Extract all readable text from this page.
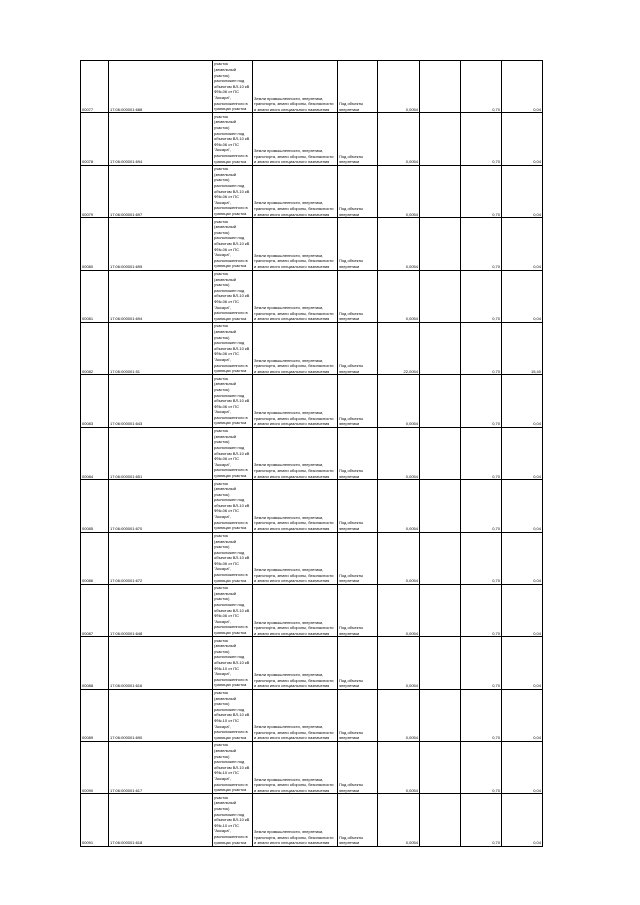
00077	17:06:000001:688	участок (земельный участок) расположен под объектом ВЛ-10 кВ Ф№-06 от ПС "Аксара", расположенного в границах участка	Земли промышленности, энергетики, транспорта, земли обороны, безопасности и земли иного специального назначения	Под объекты энергетики	0,0054		0,70	0,04
00078	17:06:000001:694	участок (земельный участок) расположен под объектом ВЛ-10 кВ Ф№-06 от ПС "Аксара", расположенного в границах участка	Земли промышленности, энергетики, транспорта, земли обороны, безопасности и земли иного специального назначения	Под объекты энергетики	0,0054		0,70	0,04
00079	17:06:000001:697	участок (земельный участок) расположен под объектом ВЛ-10 кВ Ф№-06 от ПС "Аксара", расположенного в границах участка	Земли промышленности, энергетики, транспорта, земли обороны, безопасности и земли иного специального назначения	Под объекты энергетики	0,0054		0,70	0,04
00080	17:06:000001:695	участок (земельный участок) расположен под объектом ВЛ-10 кВ Ф№-06 от ПС "Аксара", расположенного в границах участка	Земли промышленности, энергетики, транспорта, земли обороны, безопасности и земли иного специального назначения	Под объекты энергетики	0,0054		0,70	0,04
00081	17:06:000001:694	участок (земельный участок) расположен под объектом ВЛ-10 кВ Ф№-06 от ПС "Аксара", расположенного в границах участка	Земли промышленности, энергетики, транспорта, земли обороны, безопасности и земли иного специального назначения	Под объекты энергетики	0,0054		0,70	0,04
00082	17:06:000001:51	участок (земельный участок) расположен под объектом ВЛ-10 кВ Ф№-06 от ПС "Аксара", расположенного в границах участка	Земли промышленности, энергетики, транспорта, земли обороны, безопасности и земли иного специального назначения	Под объекты энергетики	22,0054		0,70	15,40
00083	17:06:000001:643	участок (земельный участок) расположен под объектом ВЛ-10 кВ Ф№-06 от ПС "Аксара", расположенного в границах участка	Земли промышленности, энергетики, транспорта, земли обороны, безопасности и земли иного специального назначения	Под объекты энергетики	0,0054		0,70	0,04
00084	17:06:000001:651	участок (земельный участок) расположен под объектом ВЛ-10 кВ Ф№-06 от ПС "Аксара", расположенного в границах участка	Земли промышленности, энергетики, транспорта, земли обороны, безопасности и земли иного специального назначения	Под объекты энергетики	0,0054		0,70	0,04
00085	17:06:000001:670	участок (земельный участок) расположен под объектом ВЛ-10 кВ Ф№-06 от ПС "Аксара", расположенного в границах участка	Земли промышленности, энергетики, транспорта, земли обороны, безопасности и земли иного специального назначения	Под объекты энергетики	0,0054		0,70	0,04
00086	17:06:000001:672	участок (земельный участок) расположен под объектом ВЛ-10 кВ Ф№-06 от ПС "Аксара", расположенного в границах участка	Земли промышленности, энергетики, транспорта, земли обороны, безопасности и земли иного специального назначения	Под объекты энергетики	0,0054		0,70	0,04
00087	17:06:000001:648	участок (земельный участок) расположен под объектом ВЛ-10 кВ Ф№-06 от ПС "Аксара", расположенного в границах участка	Земли промышленности, энергетики, транспорта, земли обороны, безопасности и земли иного специального назначения	Под объекты энергетики	0,0054		0,70	0,04
00088	17:06:000001:616	участок (земельный участок) расположен под объектом ВЛ-10 кВ Ф№-10 от ПС "Аксара", расположенного в границах участка	Земли промышленности, энергетики, транспорта, земли обороны, безопасности и земли иного специального назначения	Под объекты энергетики	0,0054		0,70	0,04
00089	17:06:000001:690	участок (земельный участок) расположен под объектом ВЛ-10 кВ Ф№-10 от ПС "Аксара", расположенного в границах участка	Земли промышленности, энергетики, транспорта, земли обороны, безопасности и земли иного специального назначения	Под объекты энергетики	0,0054		0,70	0,04
00090	17:06:000001:617	участок (земельный участок) расположен под объектом ВЛ-10 кВ Ф№-10 от ПС "Аксара", расположенного в границах участка	Земли промышленности, энергетики, транспорта, земли обороны, безопасности и земли иного специального назначения	Под объекты энергетики	0,0054		0,70	0,04
00091	17:06:000001:618	участок (земельный участок) расположен под объектом ВЛ-10 кВ Ф№-10 от ПС "Аксара", расположенного в границах участка	Земли промышленности, энергетики, транспорта, земли обороны, безопасности и земли иного специального назначения	Под объекты энергетики	0,0054		0,70	0,04
